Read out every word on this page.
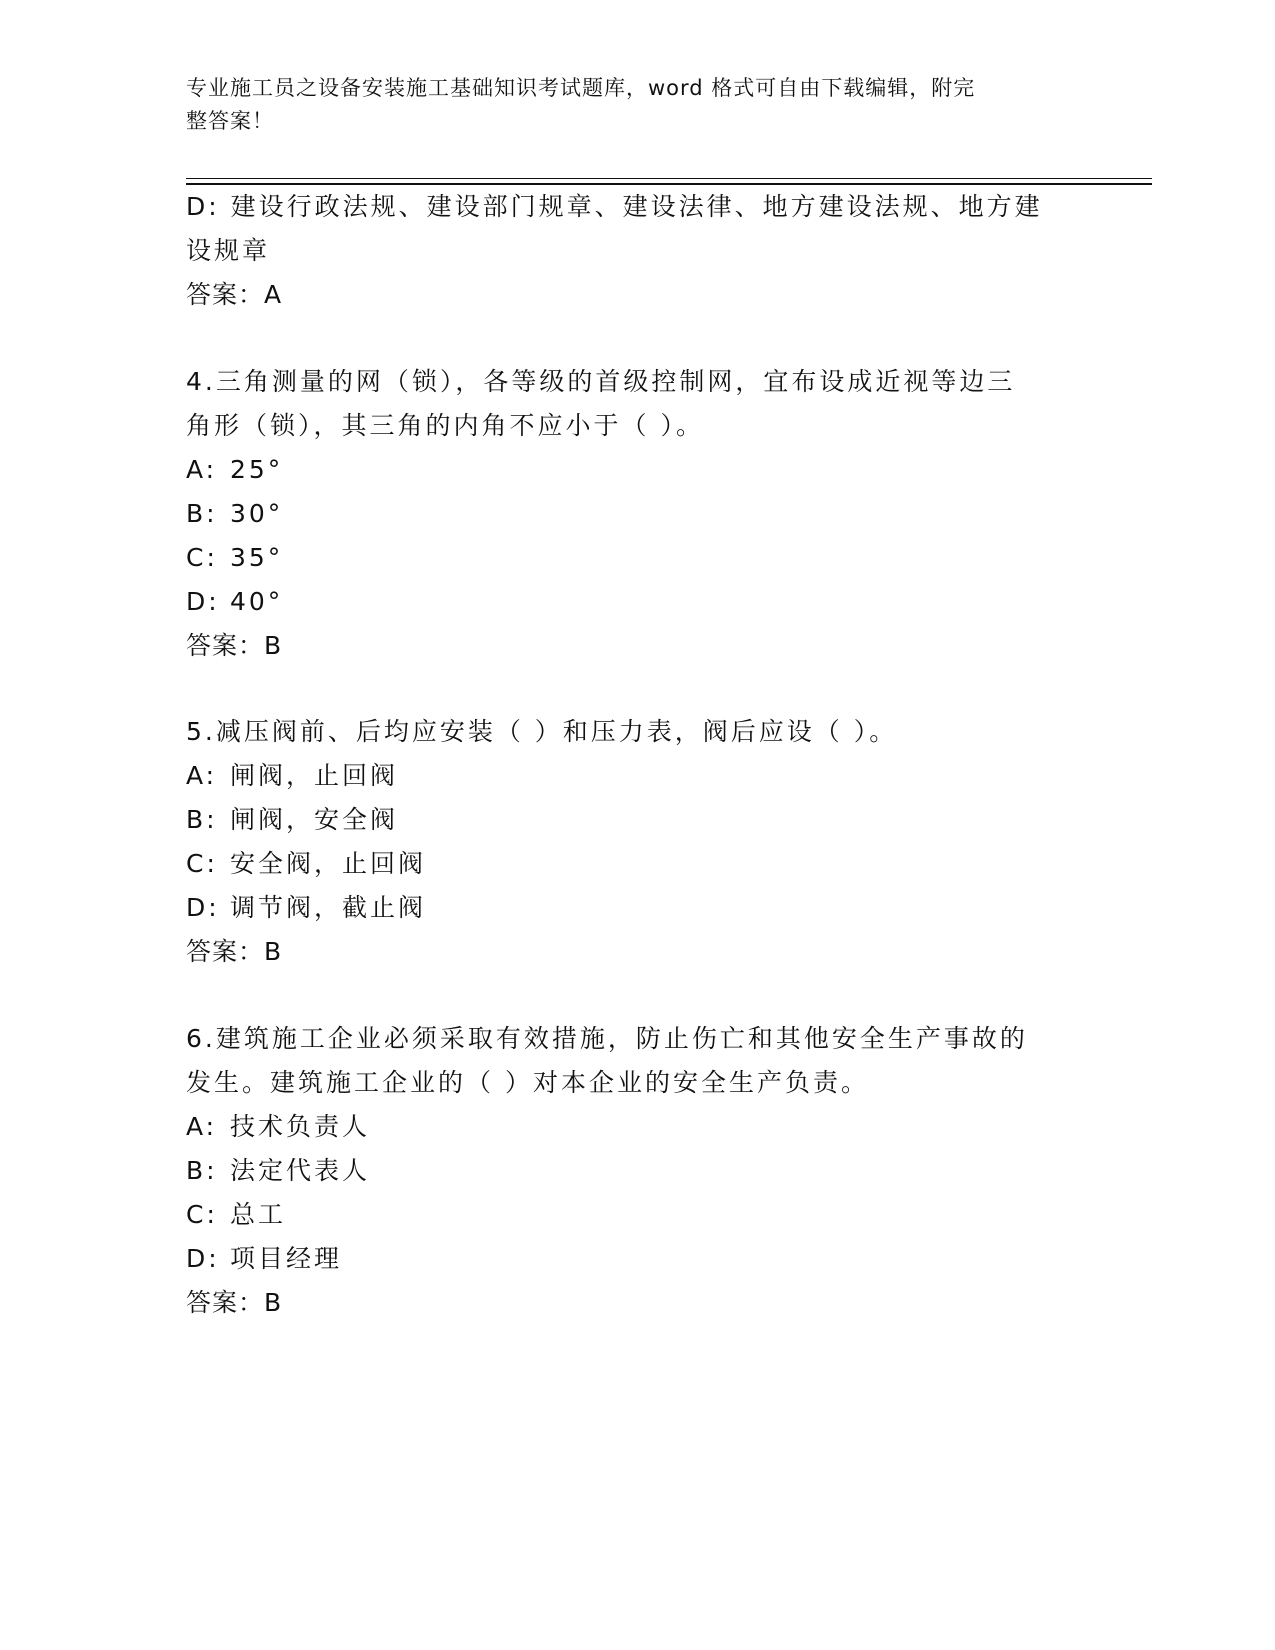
专业施工员之设备安装施工基础知识考试题库，word 格式可自由下载编辑，附完
整答案！
D: 建设行政法规、建设部门规章、建设法律、地方建设法规、地方建
设规章
答案：A
4.三角测量的网（锁），各等级的首级控制网，宜布设成近视等边三
角形（锁），其三角的内角不应小于（ ）。
A: 25°
B: 30°
C: 35°
D: 40°
答案：B
5.减压阀前、后均应安装（ ）和压力表，阀后应设（ ）。
A: 闸阀，止回阀
B: 闸阀，安全阀
C: 安全阀，止回阀
D: 调节阀，截止阀
答案：B
6.建筑施工企业必须采取有效措施，防止伤亡和其他安全生产事故的
发生。建筑施工企业的（ ）对本企业的安全生产负责。
A: 技术负责人
B: 法定代表人
C: 总工
D: 项目经理
答案：B
